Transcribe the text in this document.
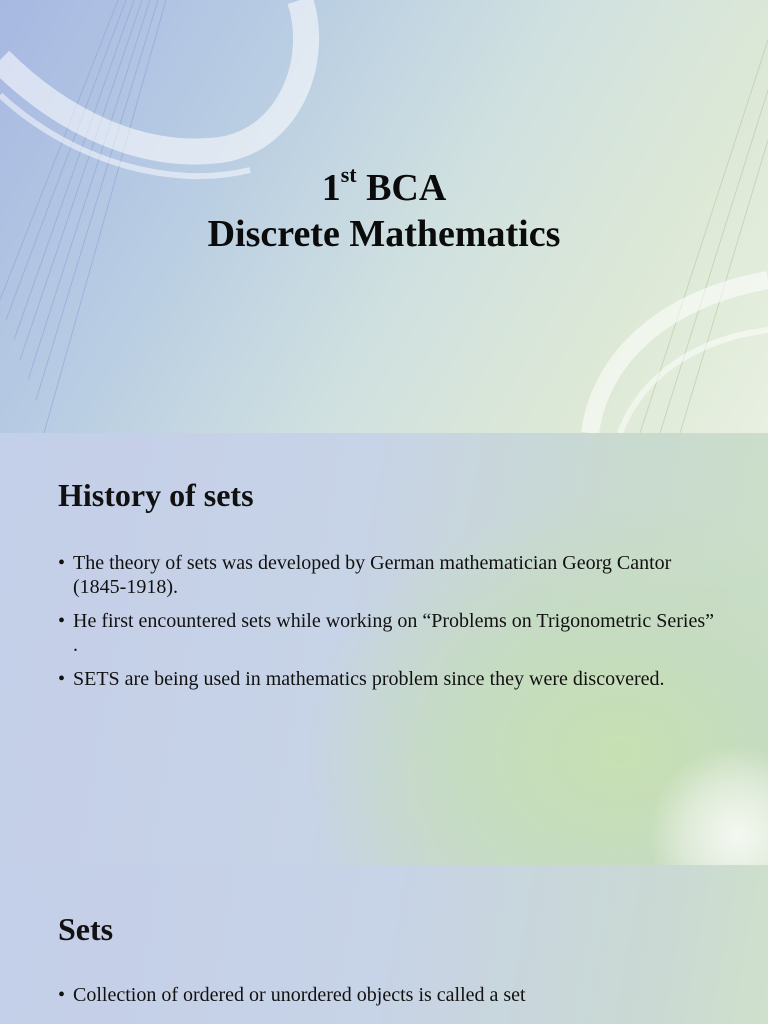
1st BCA
Discrete Mathematics
History of sets
• The theory of sets was developed by German mathematician Georg Cantor (1845-1918).
• He first encountered sets while working on “Problems on Trigonometric Series” .
• SETS are being used in mathematics problem since they were discovered.
Sets
• Collection of ordered or unordered objects is called a set
